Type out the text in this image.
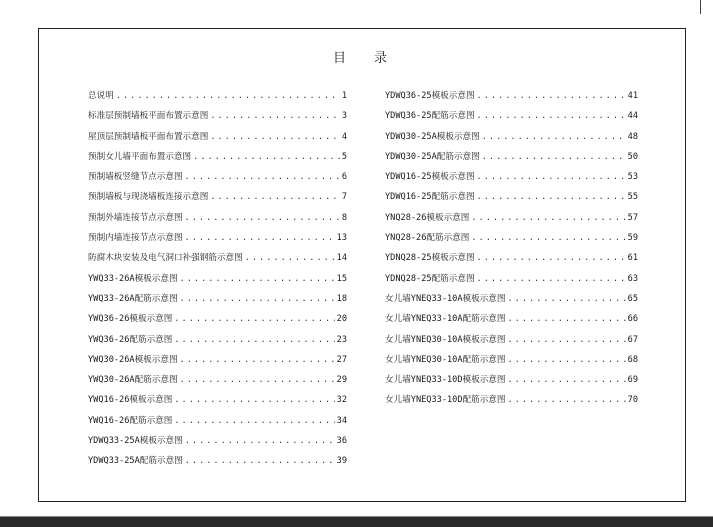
目 录
总说明 .....	1
标准层预制墙板平面布置示意图 .....	3
屋顶层预制墙板平面布置示意图 .....	4
预制女儿墙平面布置示意图 .....	5
预制墙板竖缝节点示意图 .....	6
预制墙板与现浇墙板连接示意图 .....	7
预制外墙连接节点示意图 .....	8
预制内墙连接节点示意图 .....	13
防腐木块安装及电气洞口补强钢筋示意图 .....	14
YWQ33-26A模板示意图 .....	15
YWQ33-26A配筋示意图 .....	18
YWQ36-26模板示意图 .....	20
YWQ36-26配筋示意图 .....	23
YWQ30-26A模板示意图 .....	27
YWQ30-26A配筋示意图 .....	29
YWQ16-26模板示意图 .....	32
YWQ16-26配筋示意图 .....	34
YDWQ33-25A模板示意图 .....	36
YDWQ33-25A配筋示意图 .....	39
YDWQ36-25模板示意图 .....	41
YDWQ36-25配筋示意图 .....	44
YDWQ30-25A模板示意图 .....	48
YDWQ30-25A配筋示意图 .....	50
YDWQ16-25模板示意图 .....	53
YDWQ16-25配筋示意图 .....	55
YNQ28-26模板示意图 .....	57
YNQ28-26配筋示意图 .....	59
YDNQ28-25模板示意图 .....	61
YDNQ28-25配筋示意图 .....	63
女儿墙YNEQ33-10A模板示意图 .....	65
女儿墙YNEQ33-10A配筋示意图 .....	66
女儿墙YNEQ30-10A模板示意图 .....	67
女儿墙YNEQ30-10A配筋示意图 .....	68
女儿墙YNEQ33-10D模板示意图 .....	69
女儿墙YNEQ33-10D配筋示意图 .....	70
